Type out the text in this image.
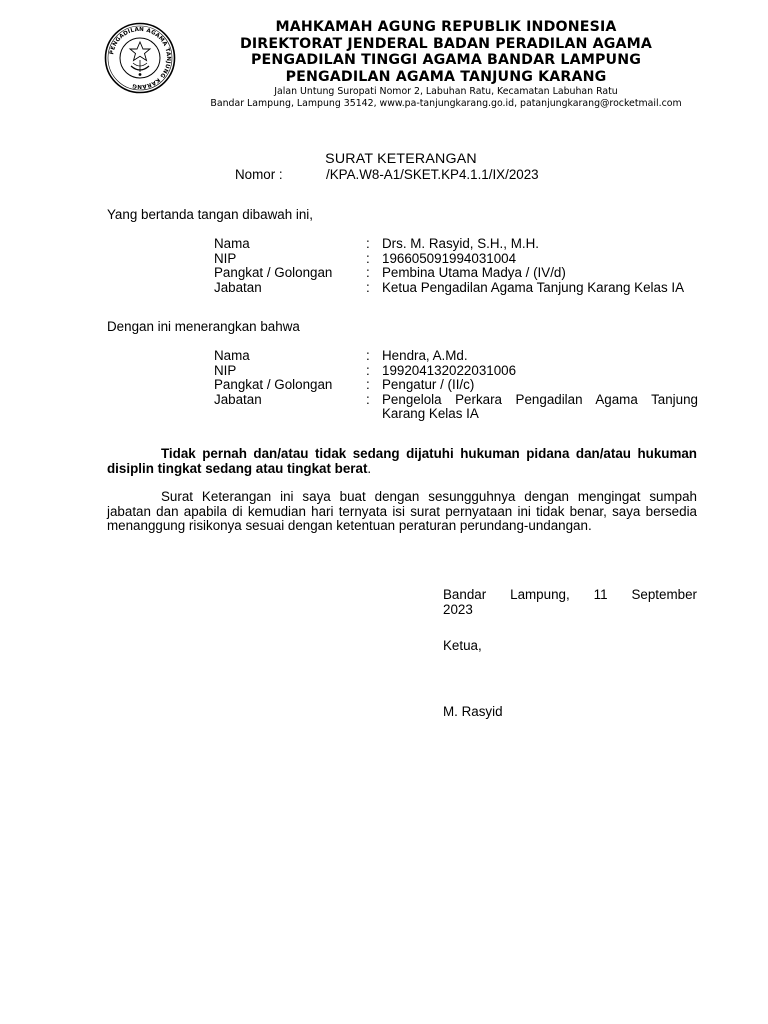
PENGADILAN AGAMA TANJUNG KARANG
MAHKAMAH AGUNG REPUBLIK INDONESIA
DIREKTORAT JENDERAL BADAN PERADILAN AGAMA
PENGADILAN TINGGI AGAMA BANDAR LAMPUNG
PENGADILAN AGAMA TANJUNG KARANG
Jalan Untung Suropati Nomor 2, Labuhan Ratu, Kecamatan Labuhan Ratu
Bandar Lampung, Lampung 35142, www.pa-tanjungkarang.go.id, patanjungkarang@rocketmail.com
SURAT KETERANGAN
Nomor :	/KPA.W8-A1/SKET.KP4.1.1/IX/2023
Yang bertanda tangan dibawah ini,
Nama	: Drs. M. Rasyid, S.H., M.H.
NIP	: 196605091994031004
Pangkat / Golongan	: Pembina Utama Madya / (IV/d)
Jabatan	: Ketua Pengadilan Agama Tanjung Karang Kelas IA
Dengan ini menerangkan bahwa
Nama	: Hendra, A.Md.
NIP	: 199204132022031006
Pangkat / Golongan	: Pengatur / (II/c)
Jabatan	: Pengelola Perkara Pengadilan Agama Tanjung Karang Kelas IA
Tidak pernah dan/atau tidak sedang dijatuhi hukuman pidana dan/atau hukuman disiplin tingkat sedang atau tingkat berat.
Surat Keterangan ini saya buat dengan sesungguhnya dengan mengingat sumpah jabatan dan apabila di kemudian hari ternyata isi surat pernyataan ini tidak benar, saya bersedia menanggung risikonya sesuai dengan ketentuan peraturan perundang-undangan.
Bandar Lampung, 11 September
2023
Ketua,
M. Rasyid
